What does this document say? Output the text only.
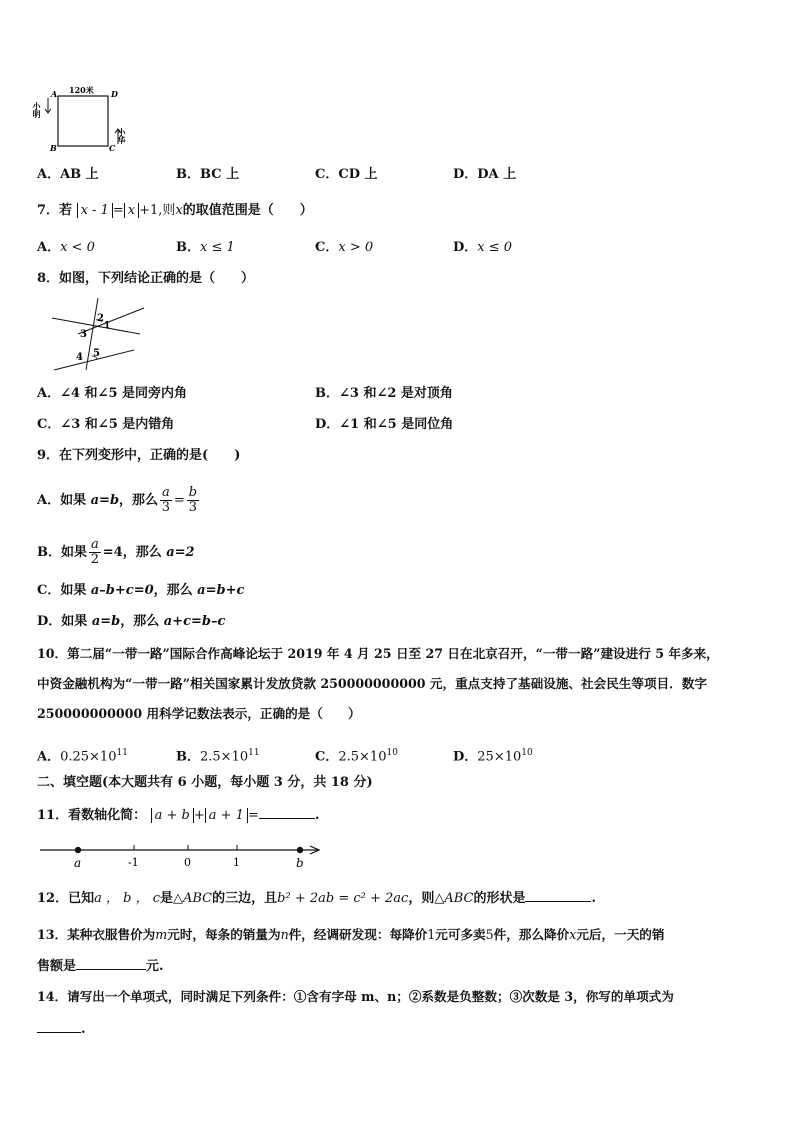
120米
A	D
B	C
小明
小华
A．AB 上	B．BC 上	C．CD 上	D．DA 上
7．若 x - 1 = x +1,则x的取值范围是（　　）
A．x < 0	B．x ≤ 1	C．x > 0	D．x ≤ 0
8．如图，下列结论正确的是（　　）
2
1
3
4 5
A．∠4 和∠5 是同旁内角	B．∠3 和∠2 是对顶角
C．∠3 和∠5 是内错角	D．∠1 和∠5 是同位角
9．在下列变形中，正确的是(　　)
A．如果 a=b，那么 $\frac{a}{3} = \frac{b}{3}$
B．如果 $\frac{a}{2} =4$，那么 a=2
C．如果 a–b+c=0，那么 a=b+c
D．如果 a=b，那么 a+c=b–c
10．第二届“一带一路”国际合作高峰论坛于 2019 年 4 月 25 日至 27 日在北京召开，“一带一路”建设进行 5 年多来，
中资金融机构为“一带一路”相关国家累计发放贷款 250000000000 元，重点支持了基础设施、社会民生等项目．数字
250000000000 用科学记数法表示，正确的是（　　）
A．$0.25\times 10^{11}$	B．$2.5\times 10^{11}$	C．$2.5\times 10^{10}$	D．$25\times 10^{10}$
二、填空题(本大题共有 6 小题，每小题 3 分，共 18 分)
11．看数轴化简： a + b + a + 1 =	.
a	-1	0	1	b
12．已知a ， b ， c是△ABC的三边，且b² + 2ab = c² + 2ac，则△ABC的形状是	.
13．某种衣服售价为m元时，每条的销量为n件，经调研发现：每降价1元可多卖5件，那么降价x元后，一天的销
售额是	元.
14．请写出一个单项式，同时满足下列条件：①含有字母 m、n；②系数是负整数；③次数是 3，你写的单项式为
.
